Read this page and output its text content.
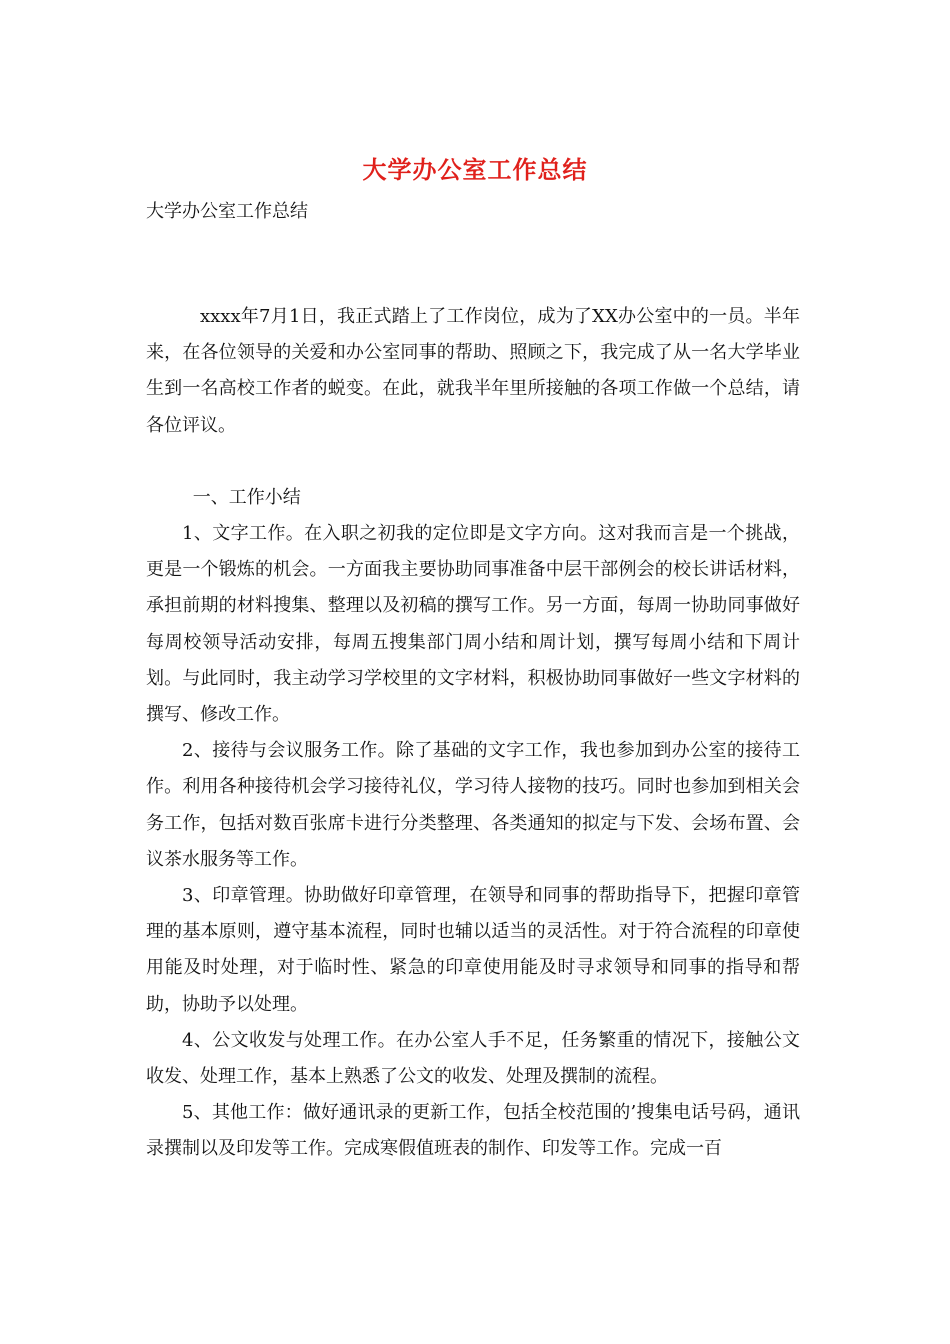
大学办公室工作总结
大学办公室工作总结

xxxx年7月1日，我正式踏上了工作岗位，成为了XX办公室中的一员。半年来，在各位领导的关爱和办公室同事的帮助、照顾之下，我完成了从一名大学毕业生到一名高校工作者的蜕变。在此，就我半年里所接触的各项工作做一个总结，请各位评议。

一、工作小结

1、文字工作。在入职之初我的定位即是文字方向。这对我而言是一个挑战，更是一个锻炼的机会。一方面我主要协助同事准备中层干部例会的校长讲话材料，承担前期的材料搜集、整理以及初稿的撰写工作。另一方面，每周一协助同事做好每周校领导活动安排，每周五搜集部门周小结和周计划，撰写每周小结和下周计划。与此同时，我主动学习学校里的文字材料，积极协助同事做好一些文字材料的撰写、修改工作。

2、接待与会议服务工作。除了基础的文字工作，我也参加到办公室的接待工作。利用各种接待机会学习接待礼仪，学习待人接物的技巧。同时也参加到相关会务工作，包括对数百张席卡进行分类整理、各类通知的拟定与下发、会场布置、会议茶水服务等工作。

3、印章管理。协助做好印章管理，在领导和同事的帮助指导下，把握印章管理的基本原则，遵守基本流程，同时也辅以适当的灵活性。对于符合流程的印章使用能及时处理，对于临时性、紧急的印章使用能及时寻求领导和同事的指导和帮助，协助予以处理。

4、公文收发与处理工作。在办公室人手不足，任务繁重的情况下，接触公文收发、处理工作，基本上熟悉了公文的收发、处理及撰制的流程。

5、其他工作：做好通讯录的更新工作，包括全校范围的’搜集电话号码，通讯录撰制以及印发等工作。完成寒假值班表的制作、印发等工作。完成一百
